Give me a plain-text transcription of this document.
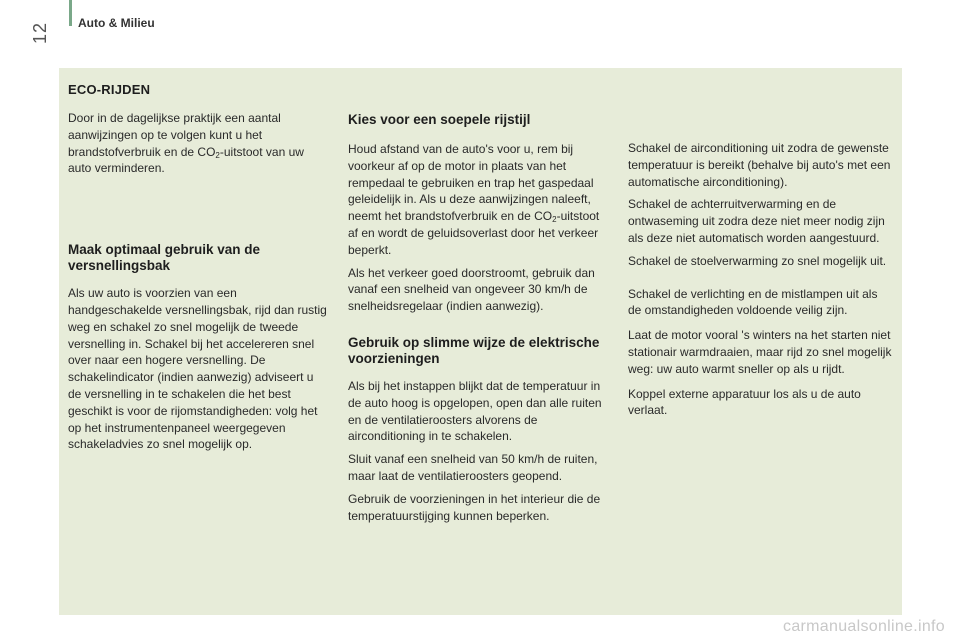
12 Auto & Milieu
ECO-RIJDEN

Door in de dagelijkse praktijk een aantal aanwijzingen op te volgen kunt u het brandstofverbruik en de $CO_2$-uitstoot van uw auto verminderen.

Maak optimaal gebruik van de versnellingsbak

Als uw auto is voorzien van een handgeschakelde versnellingsbak, rijd dan rustig weg en schakel zo snel mogelijk de tweede versnelling in. Schakel bij het accelereren snel over naar een hogere versnelling. De schakelindicator (indien aanwezig) adviseert u de versnelling in te schakelen die het best geschikt is voor de rijomstandigheden: volg het op het instrumentenpaneel weergegeven schakeladvies zo snel mogelijk op.

Kies voor een soepele rijstijl

Houd afstand van de auto's voor u, rem bij voorkeur af op de motor in plaats van het rempedaal te gebruiken en trap het gaspedaal geleidelijk in. Als u deze aanwijzingen naleeft, neemt het brandstofverbruik en de $CO_2$-uitstoot af en wordt de geluidsoverlast door het verkeer beperkt.

Als het verkeer goed doorstroomt, gebruik dan vanaf een snelheid van ongeveer 30 km/h de snelheidsregelaar (indien aanwezig).

Gebruik op slimme wijze de elektrische voorzieningen

Als bij het instappen blijkt dat de temperatuur in de auto hoog is opgelopen, open dan alle ruiten en de ventilatieroosters alvorens de airconditioning in te schakelen.

Sluit vanaf een snelheid van 50 km/h de ruiten, maar laat de ventilatieroosters geopend.

Gebruik de voorzieningen in het interieur die de temperatuurstijging kunnen beperken.

Schakel de airconditioning uit zodra de gewenste temperatuur is bereikt (behalve bij auto's met een automatische airconditioning).

Schakel de achterruitverwarming en de ontwaseming uit zodra deze niet meer nodig zijn als deze niet automatisch worden aangestuurd.

Schakel de stoelverwarming zo snel mogelijk uit.

Schakel de verlichting en de mistlampen uit als de omstandigheden voldoende veilig zijn.

Laat de motor vooral 's winters na het starten niet stationair warmdraaien, maar rijd zo snel mogelijk weg: uw auto warmt sneller op als u rijdt.

Koppel externe apparatuur los als u de auto verlaat.

carmanualsonline.info
